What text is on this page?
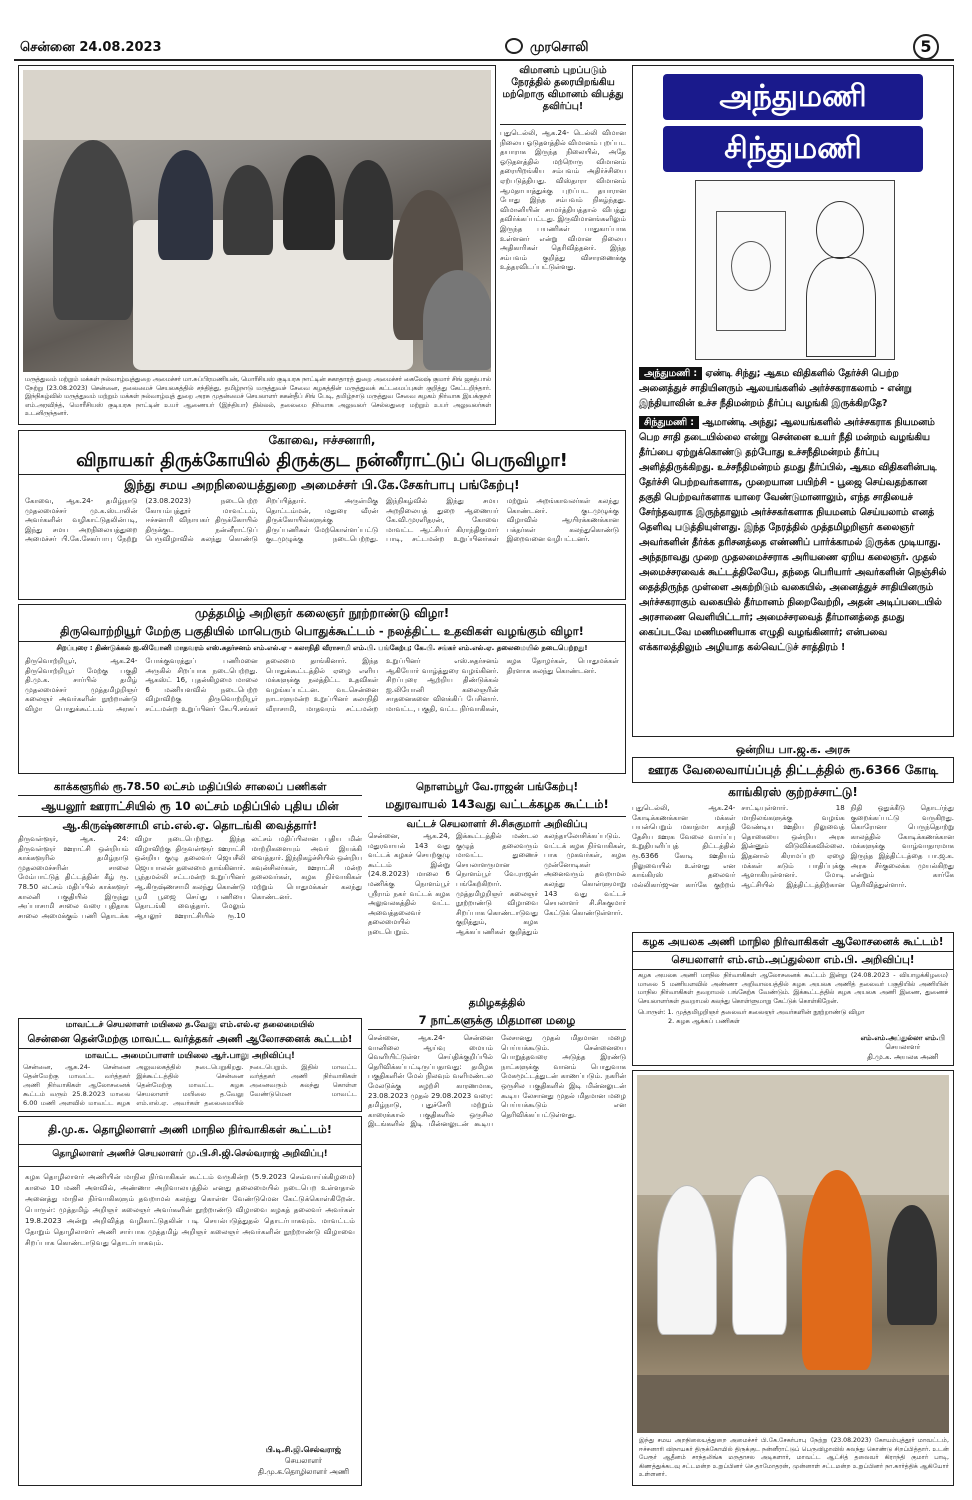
சென்னை 24.08.2023	முரசொலி	5
மருத்துவம் மற்றும் மக்கள் நல்வாழ்வுத்துறை அமைச்சர் மா.சுப்பிரமணியன், மொரீசியஸ் குடியரசு நாட்டின் சுகாதாரத் துறை அமைச்சர் கைலேஷ் குமார் சிங் ஜகத்பால் நேற்று (23.08.2023) சென்னை, தலைமைச் செயலகத்தில் சந்தித்து, தமிழ்நாடு மருத்துவச் சேவை கழகத்தின் மருத்துவக் கட்டமைப்புகள் குறித்து கேட்டறிந்தார். இந்நிகழ்வில் மருத்துவம் மற்றும் மக்கள் நல்வாழ்வுத் துறை அரசு முதன்மைச் செயலாளர் ககன்தீப் சிங் பேடி, தமிழ்நாடு மருத்துவ சேவை கழகம் நிர்வாக இயக்குநர் எம்.அரவிந்த், மொரீசியஸ் குடியரசு நாட்டின் உயர் ஆணையர் (இந்தியா) தில்லல், தலைமை நிர்வாக அலுவலர் செல்லதுரை மற்றும் உயர் அலுவலர்கள் உடனிருந்தனர்.
விமானம் புறப்படும் நேரத்தில் தரையிறங்கிய மற்றொரு விமானம் விபத்து தவிர்ப்பு!
புதுடெல்லி, ஆக.24- டெல்லி விமான நிலைய ஓடுதளத்தில் விமானம் புறப்பட தயாராக இருந்த நிலையில், அதே ஓடுதளத்தில் மற்றொரு விமானம் தரையிறங்கிய சம்பவம் அதிர்ச்சியை ஏற்படுத்தியது. விஸ்தாரா விமானம் ஆமதாபாத்துக்கு புறப்பட தயாரான போது இந்த சம்பவம் நிகழ்ந்தது. விமானியின் சாமர்த்தியத்தால் விபத்து தவிர்க்கப்பட்டது. இருவிமானங்களிலும் இருந்த பயணிகள் பாதுகாப்பாக உள்ளனர் என்று விமான நிலைய அதிகாரிகள் தெரிவித்தனர். இந்த சம்பவம் குறித்து விசாரணைக்கு உத்தரவிடப்பட்டுள்ளது.
அந்துமணி
சிந்துமணி

அந்துமணி : ஏண்டி சிந்து; ஆகம விதிகளில் தேர்ச்சி பெற்ற அனைத்துச் சாதியினரும் ஆலயங்களில் அர்ச்சகராகலாம் - என்று இந்தியாவின் உச்ச நீதிமன்றம் தீர்ப்பு வழங்கி இருக்கிறதே?

சிந்துமணி : ஆமாண்டி அந்து; ஆலயங்களில் அர்ச்சகராக நியமனம் பெற சாதி தடையில்லை என்று சென்னை உயர் நீதி மன்றம் வழங்கிய தீர்ப்பை ஏற்றுக்கொண்டு தற்போது உச்சநீதிமன்றம் தீர்ப்பு அளித்திருக்கிறது. உச்சநீதிமன்றம் தமது தீர்ப்பில், ஆகம விதிகளின்படி தேர்ச்சி பெற்றவர்களாக, முறையான பயிற்சி - பூஜை செய்வதற்கான தகுதி பெற்றவர்களாக யாரை வேண்டுமானாலும், எந்த சாதியைச் சேர்ந்தவராக இருந்தாலும் அர்ச்சகர்களாக நியமனம் செய்யலாம் எனத் தெளிவு படுத்தியுள்ளது. இந்த நேரத்தில் முத்தமிழறிஞர் கலைஞர் அவர்களின் தீர்க்க தரிசனத்தை எண்ணிப் பார்க்காமல் இருக்க முடியாது. அந்தநாவது முறை முதலமைச்சராக அரியணை ஏறிய கலைஞர். முதல் அமைச்சரவைக் கூட்டத்திலேயே, தந்தை பெரியார் அவர்களின் நெஞ்சில் தைத்திருந்த முள்ளை அகற்றிடும் வகையில், அனைத்துச் சாதியினரும் அர்ச்சகராகும் வகையில் தீர்மானம் நிறைவேற்றி, அதன் அடிப்படையில் அரசாணை வெளியிட்டார்; அமைச்சரவைத் தீர்மானத்தை தமது கைப்படவே மணிமணியாக எழுதி வழங்கினார்; என்பவை எக்காலத்திலும் அழியாத கல்வெட்டுச் சாத்திரம் !

கோவை, ஈச்சனாரி,
விநாயகர் திருக்கோயில் திருக்குட நன்னீராட்டுப் பெருவிழா!
இந்து சமய அறநிலையத்துறை அமைச்சர் பி.கே.சேகர்பாபு பங்கேற்பு!
கோவை, ஆக.24- தமிழ்நாடு முதலமைச்சர் மு.க.ஸ்டாலின் அவர்களின் வழிகாட்டுதலின்படி, இந்து சமய அறநிலையத்துறை அமைச்சர் பி.கே.சேகர்பாபு நேற்று (23.08.2023) நடைபெற்ற கோயம்புத்தூர் மாவட்டம், ஈச்சனாரி விநாயகர் திருக்கோயில் திருக்குட நன்னீராட்டுப் பெருவிழாவில் கலந்து கொண்டு சிறப்பித்தார். அருள்மிகு தொட்டம்மன், மதுரை வீரன் திருக்கோயில்களுக்கு திருப்பணிகள் மேற்கொள்ளப்பட்டு குடமுழுக்கு நடைபெற்றது. இந்நிகழ்வில் இந்து சமய அறநிலையத் துறை ஆணையர் கே.வி.முரளிதரன், கோவை மாவட்ட ஆட்சியர் கிராந்திகுமார் பாடி, சட்டமன்ற உறுப்பினர்கள் மற்றும் அறங்காவலர்கள் கலந்து கொண்டனர். குடமுழுக்கு விழாவில் ஆயிரக்கணக்கான பக்தர்கள் கலந்துகொண்டு இறைவனை வழிபட்டனர்.
முத்தமிழ் அறிஞர் கலைஞர் நூற்றாண்டு விழா!
திருவொற்றியூர் மேற்கு பகுதியில் மாபெரும் பொதுக்கூட்டம் - நலத்திட்ட உதவிகள் வழங்கும் விழா!
சிறப்புரை : திண்டுக்கல் ஐ.லியோனி மாதவரம் எஸ்.சுதர்சனம் எம்.எல்.ஏ - கலாநிதி வீராசாமி எம்.பி. பங்கேற்பு; கே.பி. சங்கர் எம்.எல்.ஏ. தலைமையில் நடைபெற்றது!
திருவொற்றியூர், ஆக.24- திருவொற்றியூர் மேற்கு பகுதி தி.மு.க. சார்பில் தமிழ் முதலமைச்சர் முத்தமிழறிஞர் கலைஞர் அவர்களின் நூற்றாண்டு விழா பொதுக்கூட்டம் அரசுப் போக்குவரத்துப் பணிமனை அருகில் சிறப்பாக நடைபெற்றது. ஆகஸ்ட் 16, புதன்கிழமை மாலை 6 மணியளவில் நடைபெற்ற விழாவிற்கு திருவொற்றியூர் சட்டமன்ற உறுப்பினர் கே.பி.சங்கர் தலைமை தாங்கினார். இந்த பொதுக்கூட்டத்தில் ஏழை எளிய மக்களுக்கு நலத்திட்ட உதவிகள் வழங்கப்பட்டன. வடசென்னை நாடாளுமன்ற உறுப்பினர் கலாநிதி வீராசாமி, மாதவரம் சட்டமன்ற உறுப்பினர் எஸ்.சுதர்சனம் ஆகியோர் வாழ்த்துரை வழங்கினர். சிறப்புரை ஆற்றிய திண்டுக்கல் ஐ.லியோனி கலைஞரின் சாதனைகளை விளக்கிப் பேசினார். மாவட்ட, பகுதி, வட்ட நிர்வாகிகள், கழக தோழர்கள், பொதுமக்கள் திரளாக கலந்து கொண்டனர்.
ஒன்றிய பா.ஜ.க. அரசு
ஊரக வேலைவாய்ப்புத் திட்டத்தில் ரூ.6366 கோடி
காங்கிரஸ் குற்றச்சாட்டு!
புதுடெல்லி, ஆக.24- கோடிக்கணக்கான மக்கள் பயன்பெறும் மகாத்மா காந்தி தேசிய ஊரக வேலை வாய்ப்பு உறுதியளிப்புத் திட்டத்தில் ரூ.6366 கோடி ஊதியம் நிலுவையில் உள்ளது என காங்கிரஸ் தலைவர் மல்லிகார்ஜுன கார்கே குற்றம் சாட்டியுள்ளார். 18 மாநிலங்களுக்கு வழங்க வேண்டிய ஊதிய நிலுவைத் தொகையை ஒன்றிய அரசு இன்னும் விடுவிக்கவில்லை. இதனால் கிராமப்புற ஏழை மக்கள் கடும் பாதிப்புக்கு ஆளாகியுள்ளனர். மோடி ஆட்சியில் இத்திட்டத்திற்கான நிதி ஒதுக்கீடு தொடர்ந்து குறைக்கப்பட்டு வருகிறது. கொரோனா பெருந்தொற்று காலத்தில் கோடிக்கணக்கான மக்களுக்கு வாழ்வாதாரமாக இருந்த இத்திட்டத்தை பா.ஜ.க. அரசு சீர்குலைக்க முயல்கிறது என்றும் கார்கே தெரிவித்துள்ளார்.
காக்களூரில் ரூ.78.50 லட்சம் மதிப்பில் சாலைப் பணிகள்
ஆயலூர் ஊராட்சியில் ரூ 10 லட்சம் மதிப்பில் புதிய மின்
ஆ.கிருஷ்ணசாமி எம்.எல்.ஏ. தொடங்கி வைத்தார்!
திருவள்ளூர், ஆக. 24: திருவள்ளூர் ஊராட்சி ஒன்றியம் காக்களூரில் தமிழ்நாடு முதலமைச்சரின் சாலை மேம்பாட்டுத் திட்டத்தின் கீழ் ரூ. 78.50 லட்சம் மதிப்பில் காக்களூர் காலனி பகுதியில் இருந்து அப்பாசாமி சாலை வரை புதிதாக சாலை அமைக்கும் பணி தொடக்க விழா நடைபெற்றது. இந்த விழாவிற்கு திருவள்ளூர் ஊராட்சி ஒன்றிய குழு தலைவர் ஜெயசீலி ஜெயபாலன் தலைமை தாங்கினார். பூந்தமல்லி சட்டமன்ற உறுப்பினர் ஆ.கிருஷ்ணசாமி கலந்து கொண்டு பூமி பூஜை செய்து பணியை தொடங்கி வைத்தார். மேலும் ஆயலூர் ஊராட்சியில் ரூ.10 லட்சம் மதிப்பிலான புதிய மின் மாற்றிகளையும் அவர் இயக்கி வைத்தார். இந்நிகழ்ச்சியில் ஒன்றிய கவுன்சிலர்கள், ஊராட்சி மன்ற தலைவர்கள், கழக நிர்வாகிகள் மற்றும் பொதுமக்கள் கலந்து கொண்டனர்.
நொளம்பூர் வே.ராஜன் பங்கேற்பு!
மதுரவாயல் 143வது வட்டக்கழக கூட்டம்!
வட்டச் செயலாளர் சி.சிசுகுமார் அறிவிப்பு
சென்னை, ஆக.24, மதுரவாயல் 143 வது வட்டக் கழகச் செயற்குழு கூட்டம் இன்று (24.8.2023) மாலை 6 மணிக்கு நொளம்பூர் ஸ்ரீராம் நகர் வட்டக் கழக அலுவலகத்தில் வட்ட அவைத்தலைவர் தலைமையில் நடைபெறும். இக்கூட்டத்தில் மண்டல குழுத் தலைவரும் மாவட்ட துணைச் செயலாளருமான நொளம்பூர் வே.ராஜன் பங்கேற்கிறார். முத்தமிழறிஞர் கலைஞர் நூற்றாண்டு விழாவை சிறப்பாக கொண்டாடுவது குறித்தும், கழக ஆக்கப்பணிகள் குறித்தும் கலந்தாலோசிக்கப்படும். வட்டக் கழக நிர்வாகிகள், பாக முகவர்கள், கழக முன்னோடிகள் அனைவரும் தவறாமல் கலந்து கொள்ளுமாறு 143 வது வட்டச் செயலாளர் சி.சிசுகுமார் கேட்டுக் கொண்டுள்ளார்.
கழக அயலக அணி மாநில நிர்வாகிகள் ஆலோசனைக் கூட்டம்!
செயலாளர் எம்.எம்.அப்துல்லா எம்.பி. அறிவிப்பு!
கழக அயலக அணி மாநில நிர்வாகிகள் ஆலோசனைக் கூட்டம் இன்று (24.08.2023 - வியாழக்கிழமை) மாலை 5 மணியளவில் அண்ணா அறிவாலயத்தில் கழக அயலக அணித் தலைவர் பகுதியில் அணியின் மாநில நிர்வாகிகள் தவறாமல் பங்கேற்க வேண்டும். இக்கூட்டத்தில் கழக அயலக அணி இணை, துணைச் செயலாளர்கள் தவறாமல் கலந்து கொள்ளுமாறு கேட்டுக் கொள்கிறேன்.
பொருள்: 1. முத்தமிழறிஞர் தலைவர் கலைஞர் அவர்களின் நூற்றாண்டு விழா
2. கழக ஆக்கப் பணிகள்
எம்.எம்.அப்துல்லா எம்.பி
செயலாளர்
தி.மு.க. அயலக அணி
மாவட்டச் செயலாளர் மயிலை த.வேலு எம்.எல்.ஏ தலைமையில்
சென்னை தென்மேற்கு மாவட்ட வர்த்தகர் அணி ஆலோசனைக் கூட்டம்!
மாவட்ட அமைப்பாளர் மயிலை ஆர்.பாலு அறிவிப்பு!
சென்னை, ஆக.24- சென்னை தென்மேற்கு மாவட்ட வர்த்தகர் அணி நிர்வாகிகள் ஆலோசனைக் கூட்டம் வரும் 25.8.2023 மாலை 6.00 மணி அளவில் மாவட்ட கழக அலுவலகத்தில் நடைபெறுகிறது. இக்கூட்டத்தில் சென்னை தென்மேற்கு மாவட்ட கழக செயலாளர் மயிலை த.வேலு எம்.எல்.ஏ. அவர்கள் தலைமையில் நடைபெறும். இதில் மாவட்ட வர்த்தகர் அணி நிர்வாகிகள் அனைவரும் கலந்து கொள்ள வேண்டுமென மாவட்ட
தமிழகத்தில்
7 நாட்களுக்கு மிதமான மழை
சென்னை, ஆக.24- சென்னை வானிலை ஆய்வு மையம் வெளியிட்டுள்ள செய்திக்குறிப்பில் தெரிவிக்கப்பட்டிருப்பதாவது: தமிழக பகுதிகளின் மேல் நிலவும் வளிமண்டல மேலடுக்கு சுழற்சி காரணமாக, 23.08.2023 முதல் 29.08.2023 வரை: தமிழ்நாடு, புதுச்சேரி மற்றும் காரைக்கால் பகுதிகளில் ஒருசில இடங்களில் இடி மின்னலுடன் கூடிய லேசானது முதல் மிதமான மழை பெய்யக்கூடும். சென்னையை பொறுத்தவரை அடுத்த இரண்டு நாட்களுக்கு வானம் பொதுவாக மேகமூட்டத்துடன் காணப்படும். நகரின் ஒருசில பகுதிகளில் இடி மின்னலுடன் கூடிய லேசானது முதல் மிதமான மழை பெய்யக்கூடும் என தெரிவிக்கப்பட்டுள்ளது.
தி.மு.க. தொழிலாளர் அணி மாநில நிர்வாகிகள் கூட்டம்!
தொழிலாளர் அணிச் செயலாளர் மு.பி.சி.ஜி.செல்வராஜ் அறிவிப்பு!
கழக தொழிலாளர் அணியின் மாநில நிர்வாகிகள் கூட்டம் வருகின்ற (5.9.2023 செவ்வாய்க்கிழமை) காலை 10 மணி அளவில், அண்ணா அறிவாலயத்தில் எனது தலைமையில் நடைபெற உள்ளதால் அனைத்து மாநில நிர்வாகிகளும் தவறாமல் கலந்து கொள்ள வேண்டுமென கேட்டுக்கொள்கிறேன். பொருள்: முத்தமிழ் அறிஞர் கலைஞர் அவர்களின் நூற்றாண்டு விழாவை கழகத் தலைவர் அவர்கள் 19.8.2023 அன்று அறிவித்த வழிகாட்டுதலின் படி செயல்படுத்துதல் தொடர்பாகவும். மாவட்டம் தோறும் தொழிலாளர் அணி சார்பாக முத்தமிழ் அறிஞர் கலைஞர் அவர்களின் நூற்றாண்டு விழாவை சிறப்பாக கொண்டாடுவது தொடர்பாகவும்.
பி.டி.சி.ஜி.செல்வராஜ்
செயலாளர்
தி.மு.க.தொழிலாளர் அணி
இந்து சமய அறநிலையத்துறை அமைச்சர் பி.கே.சேகர்பாபு நேற்று (23.08.2023) கோயம்புத்தூர் மாவட்டம், ஈச்சனாரி விநாயகர் திருக்கோயில் திருக்குட நன்னீராட்டுப் பெருவிழாவில் கலந்து கொண்டு சிறப்பித்தார். உடன் பேரூர் ஆதீனம் சாந்தலிங்க மருதாசல அடிகளார், மாவட்ட ஆட்சித் தலைவர் கிராந்தி குமார் பாடி, கிணத்துக்கடவு சட்டமன்ற உறுப்பினர் செ.தாமோதரன், முன்னாள் சட்டமன்ற உறுப்பினர் நா.கார்த்திக் ஆகியோர் உள்ளனர்.
